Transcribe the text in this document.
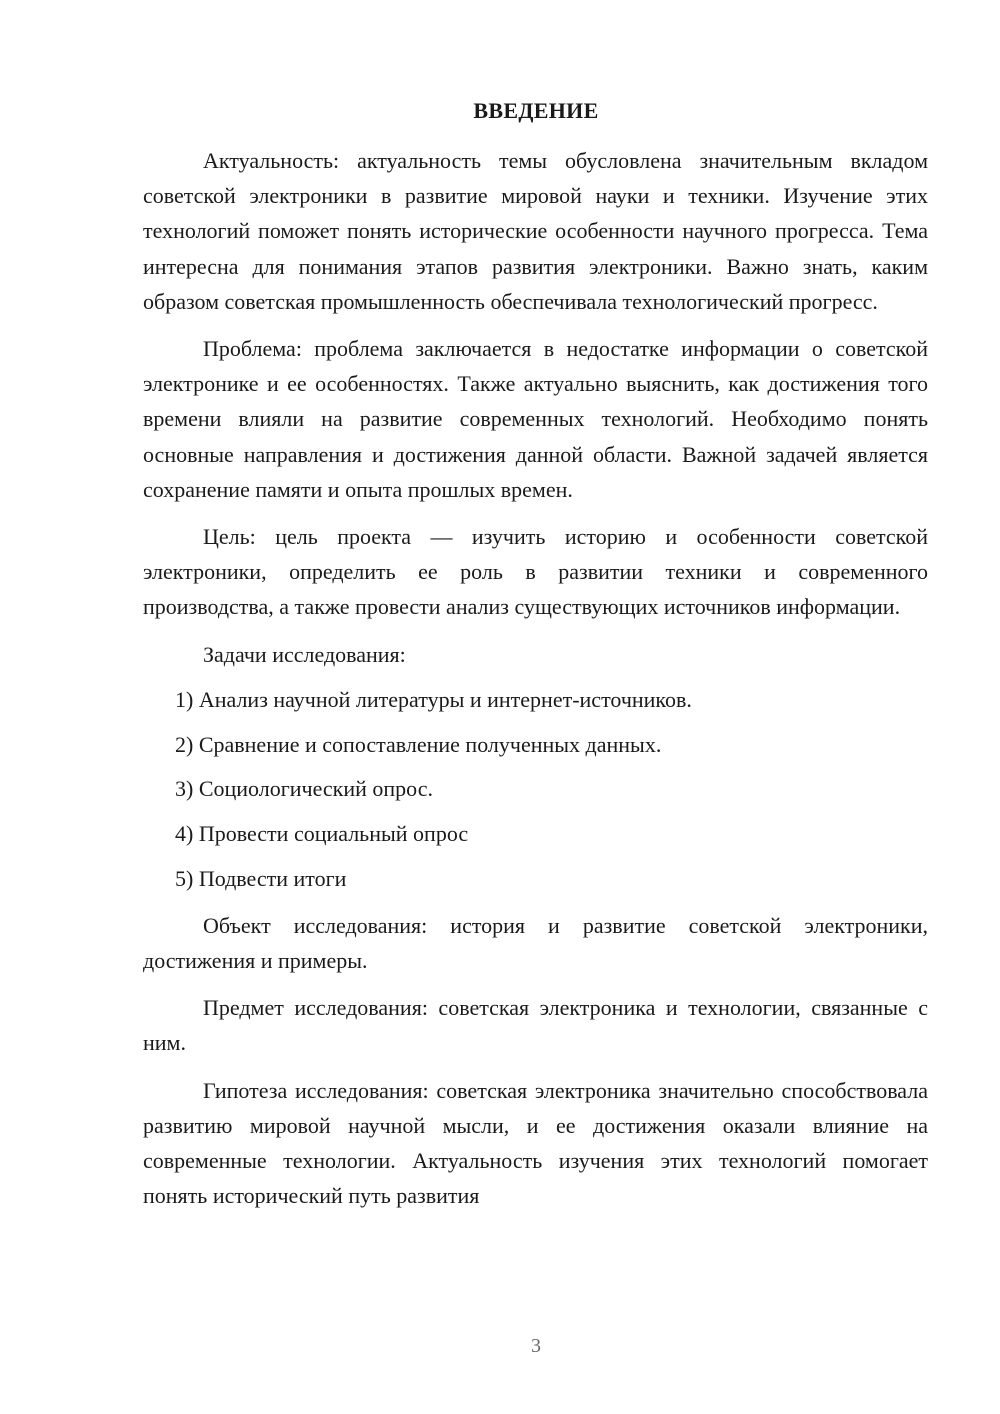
ВВЕДЕНИЕ

Актуальность: актуальность темы обусловлена значительным вкладом советской электроники в развитие мировой науки и техники. Изучение этих технологий поможет понять исторические особенности научного прогресса. Тема интересна для понимания этапов развития электроники. Важно знать, каким образом советская промышленность обеспечивала технологический прогресс.

Проблема: проблема заключается в недостатке информации о советской электронике и ее особенностях. Также актуально выяснить, как достижения того времени влияли на развитие современных технологий. Необходимо понять основные направления и достижения данной области. Важной задачей является сохранение памяти и опыта прошлых времен.

Цель: цель проекта — изучить историю и особенности советской электроники, определить ее роль в развитии техники и современного производства, а также провести анализ существующих источников информации.

Задачи исследования:

1) Анализ научной литературы и интернет-источников.

2) Сравнение и сопоставление полученных данных.

3) Социологический опрос.

4) Провести социальный опрос

5) Подвести итоги

Объект исследования: история и развитие советской электроники, достижения и примеры.

Предмет исследования: советская электроника и технологии, связанные с ним.

Гипотеза исследования: советская электроника значительно способствовала развитию мировой научной мысли, и ее достижения оказали влияние на современные технологии. Актуальность изучения этих технологий помогает понять исторический путь развития

3
